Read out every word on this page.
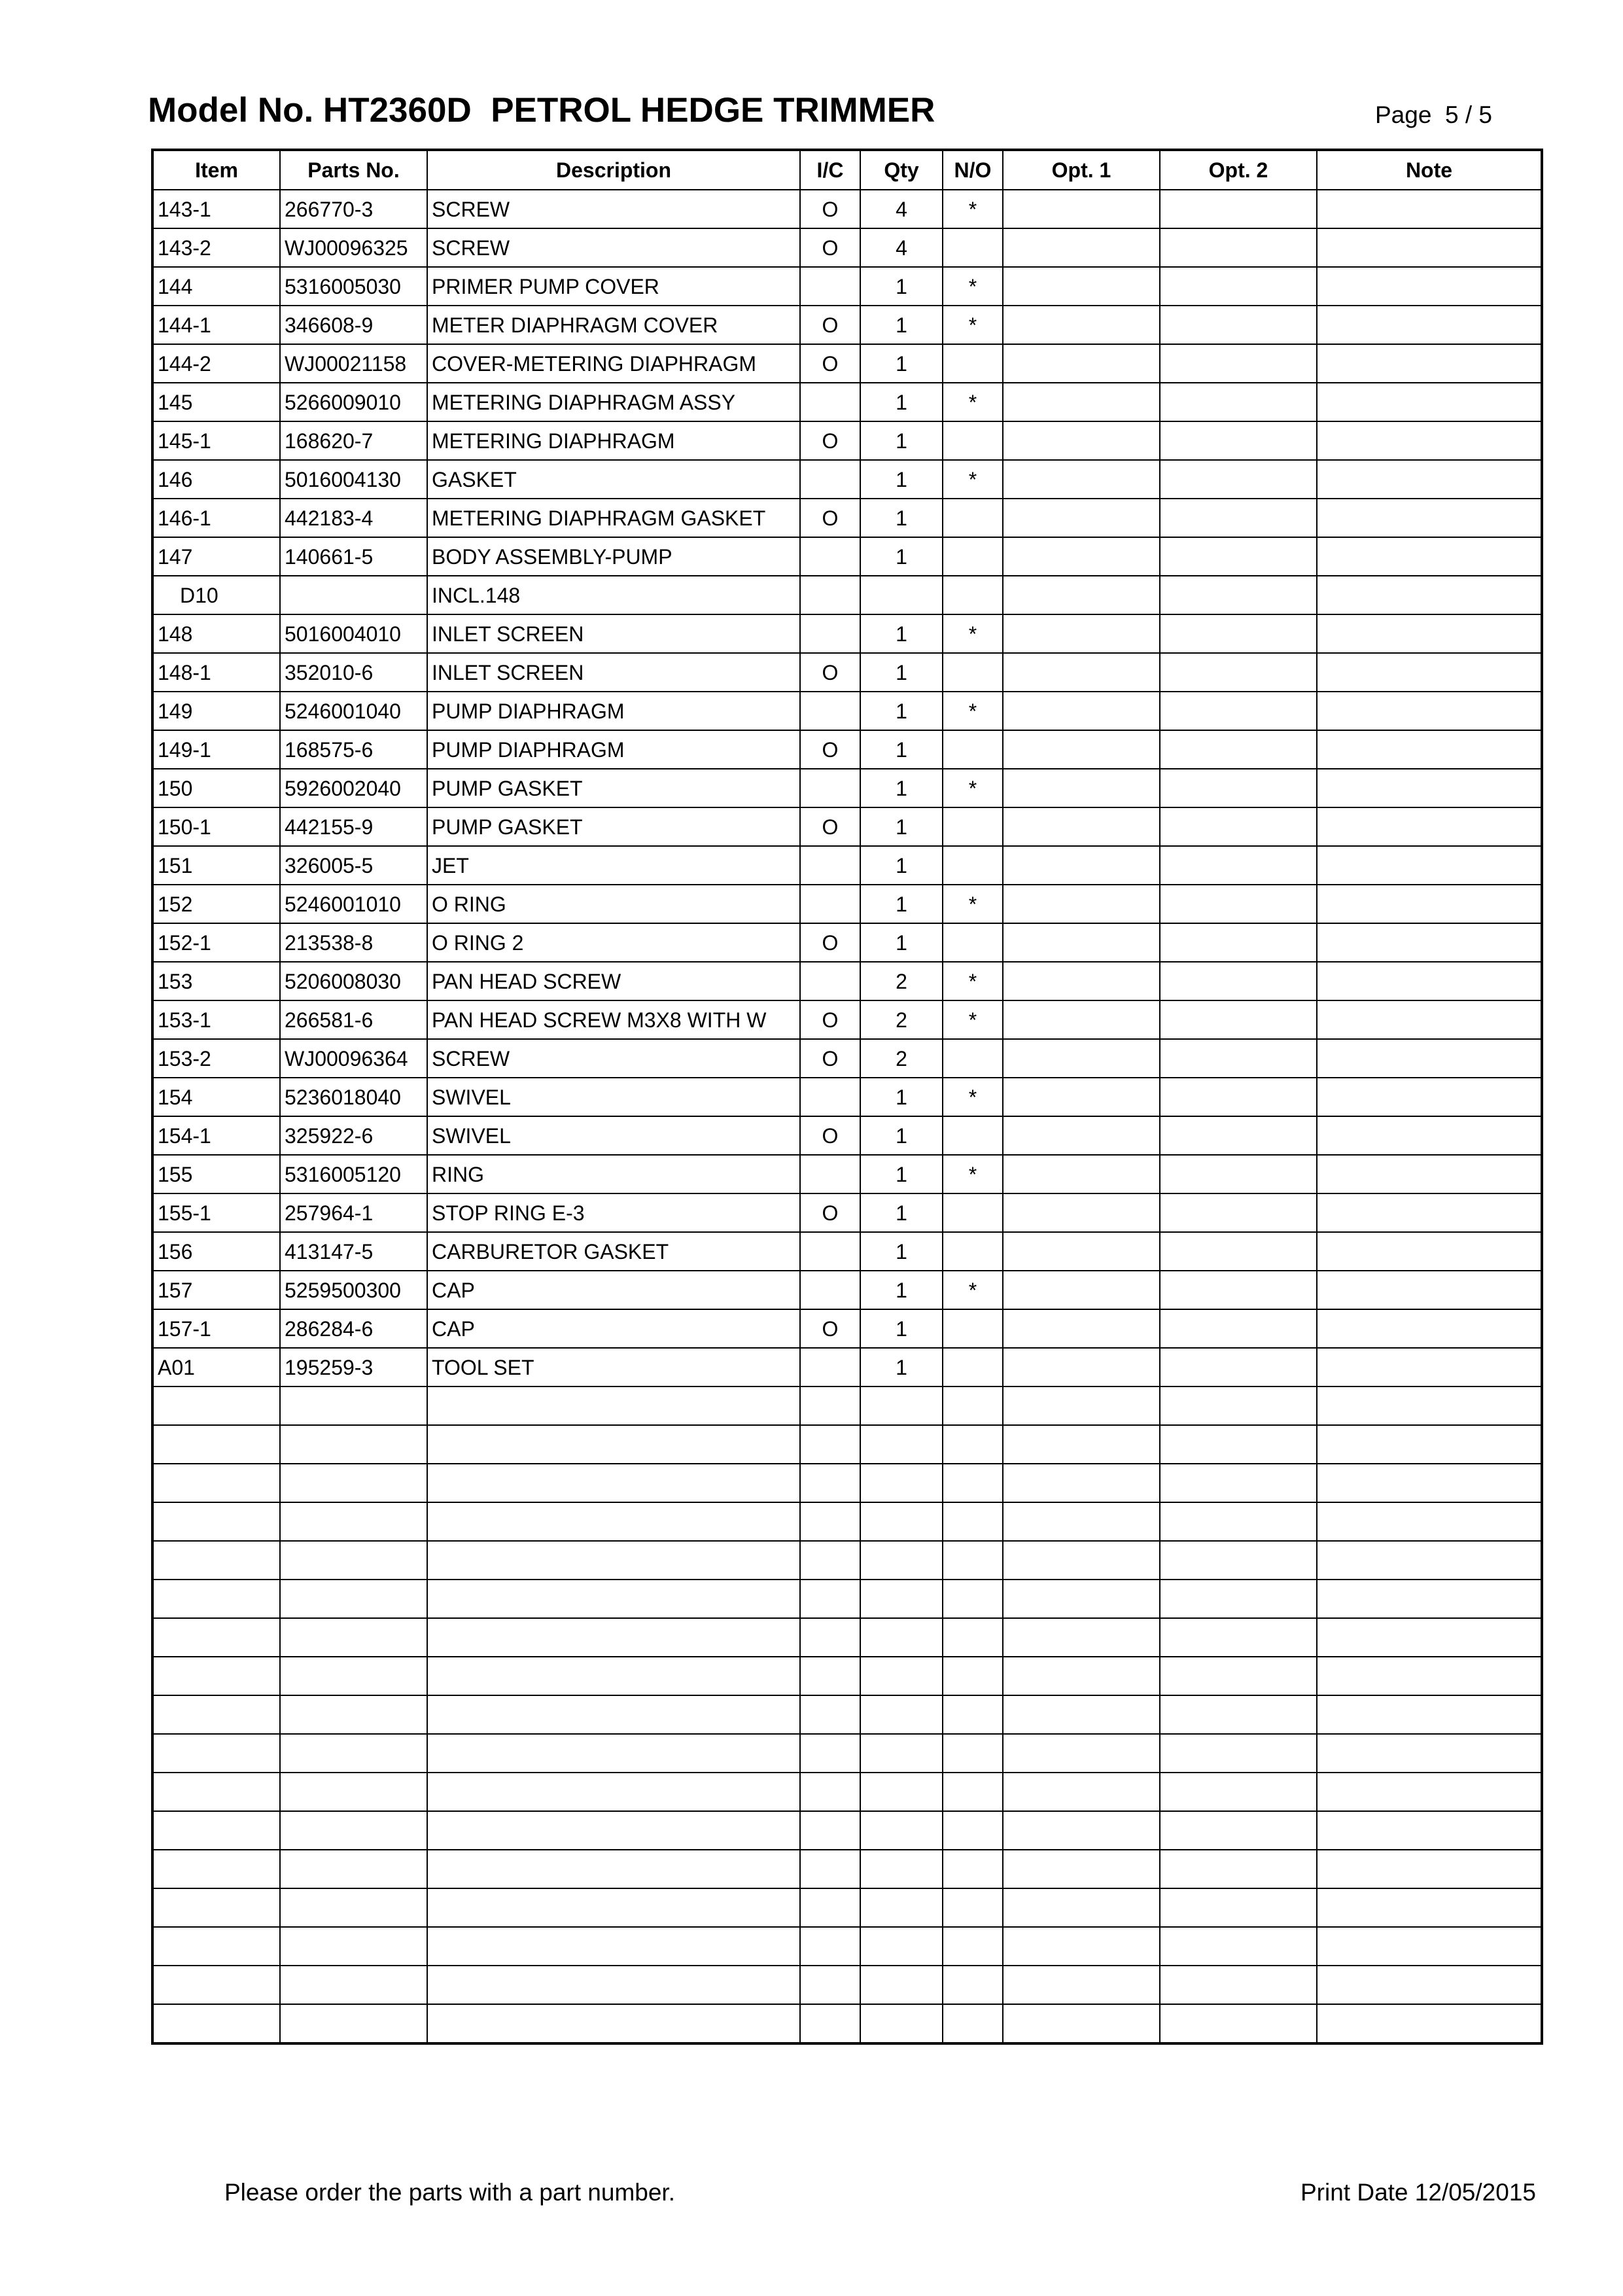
Model No. HT2360D  PETROL HEDGE TRIMMER	Page 5 / 5
Item	Parts No.	Description	I/C	Qty	N/O	Opt. 1	Opt. 2	Note
143-1	266770-3	SCREW	O	4	*			
143-2	WJ00096325	SCREW	O	4				
144	5316005030	PRIMER PUMP COVER		1	*			
144-1	346608-9	METER DIAPHRAGM COVER	O	1	*			
144-2	WJ00021158	COVER-METERING DIAPHRAGM	O	1				
145	5266009010	METERING DIAPHRAGM ASSY		1	*			
145-1	168620-7	METERING DIAPHRAGM	O	1				
146	5016004130	GASKET		1	*			
146-1	442183-4	METERING DIAPHRAGM GASKET	O	1				
147	140661-5	BODY ASSEMBLY-PUMP		1				
D10		INCL.148						
148	5016004010	INLET SCREEN		1	*			
148-1	352010-6	INLET SCREEN	O	1				
149	5246001040	PUMP DIAPHRAGM		1	*			
149-1	168575-6	PUMP DIAPHRAGM	O	1				
150	5926002040	PUMP GASKET		1	*			
150-1	442155-9	PUMP GASKET	O	1				
151	326005-5	JET		1				
152	5246001010	O RING		1	*			
152-1	213538-8	O RING 2	O	1				
153	5206008030	PAN HEAD SCREW		2	*			
153-1	266581-6	PAN HEAD SCREW M3X8 WITH W	O	2	*			
153-2	WJ00096364	SCREW	O	2				
154	5236018040	SWIVEL		1	*			
154-1	325922-6	SWIVEL	O	1				
155	5316005120	RING		1	*			
155-1	257964-1	STOP RING E-3	O	1				
156	413147-5	CARBURETOR GASKET		1				
157	5259500300	CAP		1	*			
157-1	286284-6	CAP	O	1				
A01	195259-3	TOOL SET		1				

Please order the parts with a part number.	Print Date 12/05/2015
